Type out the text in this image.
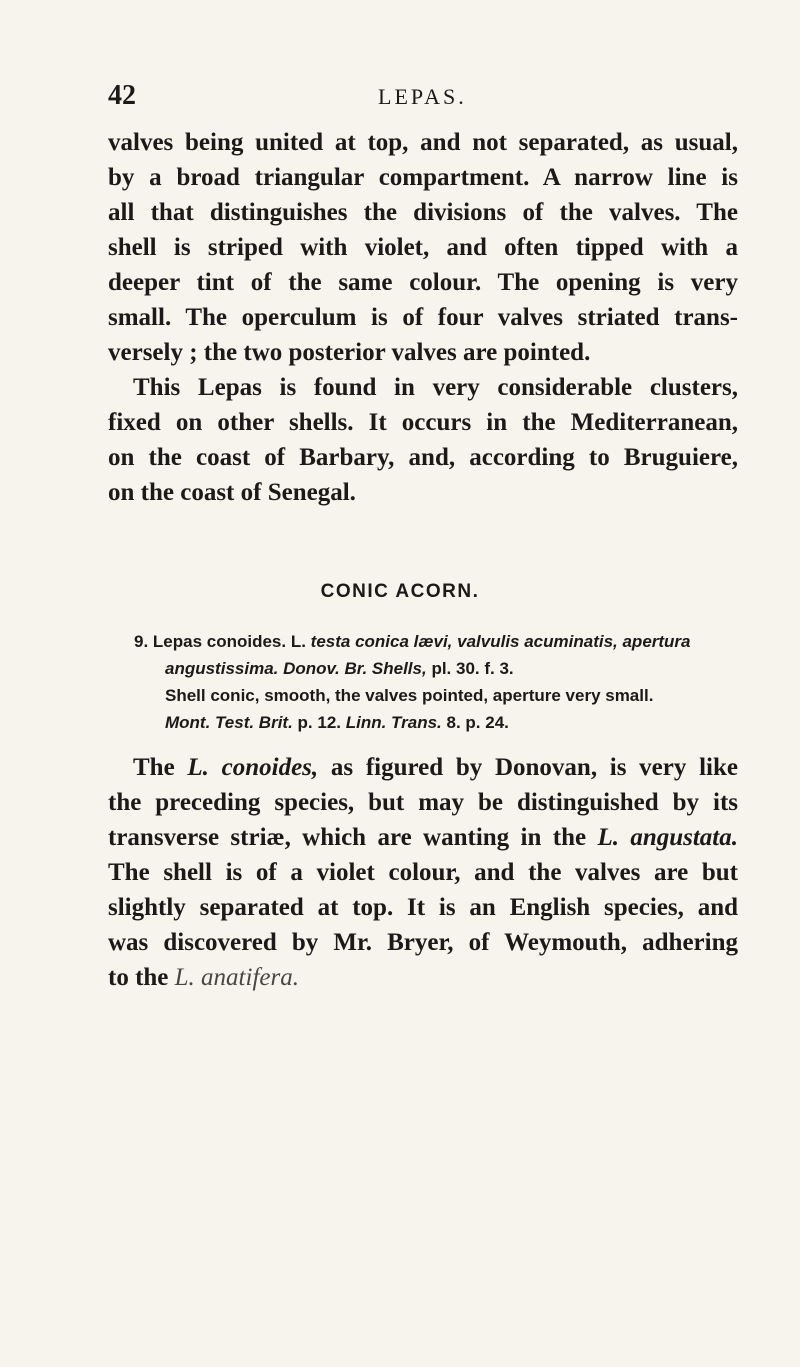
42	LEPAS.
valves being united at top, and not separated, as usual,
by a broad triangular compartment. A narrow line is
all that distinguishes the divisions of the valves. The
shell is striped with violet, and often tipped with a
deeper tint of the same colour. The opening is very
small. The operculum is of four valves striated trans-
versely ; the two posterior valves are pointed.
This Lepas is found in very considerable clusters,
fixed on other shells. It occurs in the Mediterranean,
on the coast of Barbary, and, according to Bruguiere,
on the coast of Senegal.
CONIC ACORN.
9. Lepas conoides. L. testa conica lævi, valvulis acuminatis, apertura
angustissima. Donov. Br. Shells, pl. 30. f. 3.
Shell conic, smooth, the valves pointed, aperture very small.
Mont. Test. Brit. p. 12. Linn. Trans. 8. p. 24.
The L. conoides, as figured by Donovan, is very like
the preceding species, but may be distinguished by its
transverse striæ, which are wanting in the L. angustata.
The shell is of a violet colour, and the valves are but
slightly separated at top. It is an English species, and
was discovered by Mr. Bryer, of Weymouth, adhering
to the L. anatifera.
